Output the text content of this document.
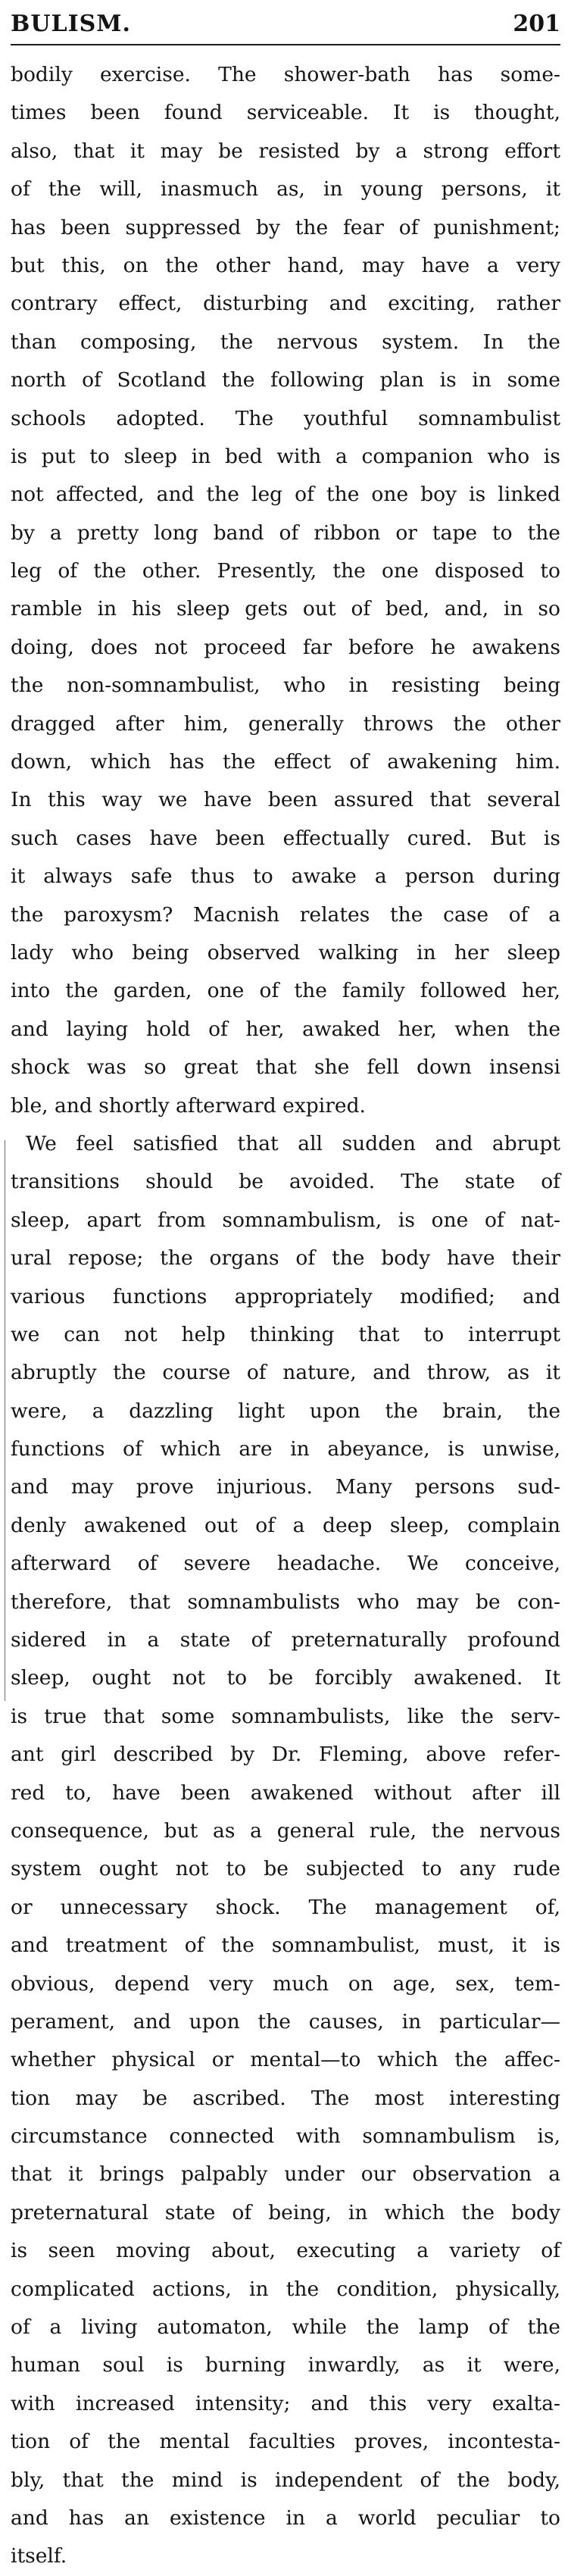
BULISM.	201
bodily exercise. The shower-bath has some-
times been found serviceable. It is thought,
also, that it may be resisted by a strong effort
of the will, inasmuch as, in young persons, it
has been suppressed by the fear of punishment;
but this, on the other hand, may have a very
contrary effect, disturbing and exciting, rather
than composing, the nervous system. In the
north of Scotland the following plan is in some
schools adopted. The youthful somnambulist
is put to sleep in bed with a companion who is
not affected, and the leg of the one boy is linked
by a pretty long band of ribbon or tape to the
leg of the other. Presently, the one disposed to
ramble in his sleep gets out of bed, and, in so
doing, does not proceed far before he awakens
the non-somnambulist, who in resisting being
dragged after him, generally throws the other
down, which has the effect of awakening him.
In this way we have been assured that several
such cases have been effectually cured. But is
it always safe thus to awake a person during
the paroxysm? Macnish relates the case of a
lady who being observed walking in her sleep
into the garden, one of the family followed her,
and laying hold of her, awaked her, when the
shock was so great that she fell down insensi
ble, and shortly afterward expired.
We feel satisfied that all sudden and abrupt
transitions should be avoided. The state of
sleep, apart from somnambulism, is one of nat-
ural repose; the organs of the body have their
various functions appropriately modified; and
we can not help thinking that to interrupt
abruptly the course of nature, and throw, as it
were, a dazzling light upon the brain, the
functions of which are in abeyance, is unwise,
and may prove injurious. Many persons sud-
denly awakened out of a deep sleep, complain
afterward of severe headache. We conceive,
therefore, that somnambulists who may be con-
sidered in a state of preternaturally profound
sleep, ought not to be forcibly awakened. It
is true that some somnambulists, like the serv-
ant girl described by Dr. Fleming, above refer-
red to, have been awakened without after ill
consequence, but as a general rule, the nervous
system ought not to be subjected to any rude
or unnecessary shock. The management of,
and treatment of the somnambulist, must, it is
obvious, depend very much on age, sex, tem-
perament, and upon the causes, in particular—
whether physical or mental—to which the affec-
tion may be ascribed. The most interesting
circumstance connected with somnambulism is,
that it brings palpably under our observation a
preternatural state of being, in which the body
is seen moving about, executing a variety of
complicated actions, in the condition, physically,
of a living automaton, while the lamp of the
human soul is burning inwardly, as it were,
with increased intensity; and this very exalta-
tion of the mental faculties proves, incontesta-
bly, that the mind is independent of the body,
and has an existence in a world peculiar to
itself.
